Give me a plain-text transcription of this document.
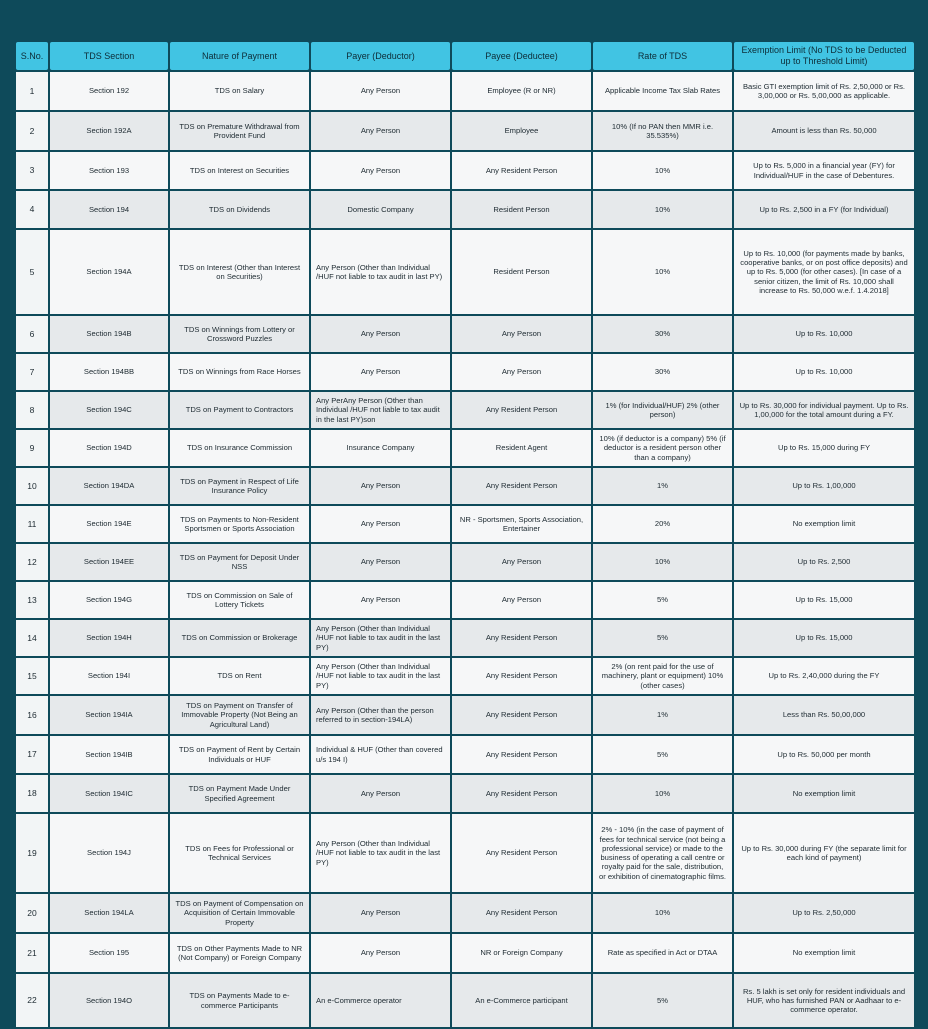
S.No.	TDS Section	Nature of Payment	Payer (Deductor)	Payee (Deductee)	Rate of TDS	Exemption Limit (No TDS to be Deducted up to Threshold Limit)
1	Section 192	TDS on Salary	Any Person	Employee (R or NR)	Applicable Income Tax Slab Rates	Basic GTI exemption limit of Rs. 2,50,000 or Rs. 3,00,000 or Rs. 5,00,000 as applicable.
2	Section 192A	TDS on Premature Withdrawal from Provident Fund	Any Person	Employee	10% (If no PAN then MMR i.e. 35.535%)	Amount is less than Rs. 50,000
3	Section 193	TDS on Interest on Securities	Any Person	Any Resident Person	10%	Up to Rs. 5,000 in a financial year (FY) for Individual/HUF in the case of Debentures.
4	Section 194	TDS on Dividends	Domestic Company	Resident Person	10%	Up to Rs. 2,500 in a FY (for Individual)
5	Section 194A	TDS on Interest (Other than Interest on Securities)	Any Person (Other than Individual /HUF not liable to tax audit in last PY)	Resident Person	10%	Up to Rs. 10,000 (for payments made by banks, cooperative banks, or on post office deposits) and up to Rs. 5,000 (for other cases). [In case of a senior citizen, the limit of Rs. 10,000 shall increase to Rs. 50,000 w.e.f. 1.4.2018]
6	Section 194B	TDS on Winnings from Lottery or Crossword Puzzles	Any Person	Any Person	30%	Up to Rs. 10,000
7	Section 194BB	TDS on Winnings from Race Horses	Any Person	Any Person	30%	Up to Rs. 10,000
8	Section 194C	TDS on Payment to Contractors	Any PerAny Person (Other than Individual /HUF not liable to tax audit in the last PY)son	Any Resident Person	1% (for Individual/HUF) 2% (other person)	Up to Rs. 30,000 for individual payment. Up to Rs. 1,00,000 for the total amount during a FY.
9	Section 194D	TDS on Insurance Commission	Insurance Company	Resident Agent	10% (if deductor is a company) 5% (if deductor is a resident person other than a company)	Up to Rs. 15,000 during FY
10	Section 194DA	TDS on Payment in Respect of Life Insurance Policy	Any Person	Any Resident Person	1%	Up to Rs. 1,00,000
11	Section 194E	TDS on Payments to Non-Resident Sportsmen or Sports Association	Any Person	NR - Sportsmen, Sports Association, Entertainer	20%	No exemption limit
12	Section 194EE	TDS on Payment for Deposit Under NSS	Any Person	Any Person	10%	Up to Rs. 2,500
13	Section 194G	TDS on Commission on Sale of Lottery Tickets	Any Person	Any Person	5%	Up to Rs. 15,000
14	Section 194H	TDS on Commission or Brokerage	Any Person (Other than Individual /HUF not liable to tax audit in the last PY)	Any Resident Person	5%	Up to Rs. 15,000
15	Section 194I	TDS on Rent	Any Person (Other than Individual /HUF not liable to tax audit in the last PY)	Any Resident Person	2% (on rent paid for the use of machinery, plant or equipment) 10% (other cases)	Up to Rs. 2,40,000 during the FY
16	Section 194IA	TDS on Payment on Transfer of Immovable Property (Not Being an Agricultural Land)	Any Person (Other than the person referred to in section-194LA)	Any Resident Person	1%	Less than Rs. 50,00,000
17	Section 194IB	TDS on Payment of Rent by Certain Individuals or HUF	Individual & HUF (Other than covered u/s 194 I)	Any Resident Person	5%	Up to Rs. 50,000 per month
18	Section 194IC	TDS on Payment Made Under Specified Agreement	Any Person	Any Resident Person	10%	No exemption limit
19	Section 194J	TDS on Fees for Professional or Technical Services	Any Person (Other than Individual /HUF not liable to tax audit in the last PY)	Any Resident Person	2% - 10% (in the case of payment of fees for technical service (not being a professional service) or made to the business of operating a call centre or royalty paid for the sale, distribution, or exhibition of cinematographic films.	Up to Rs. 30,000 during FY (the separate limit for each kind of payment)
20	Section 194LA	TDS on Payment of Compensation on Acquisition of Certain Immovable Property	Any Person	Any Resident Person	10%	Up to Rs. 2,50,000
21	Section 195	TDS on Other Payments Made to NR (Not Company) or Foreign Company	Any Person	NR or Foreign Company	Rate as specified in Act or DTAA	No exemption limit
22	Section 194O	TDS on Payments Made to e-commerce Participants	An e-Commerce operator	An e-Commerce participant	5%	Rs. 5 lakh is set only for resident individuals and HUF, who has furnished PAN or Aadhaar to e-commerce operator.
